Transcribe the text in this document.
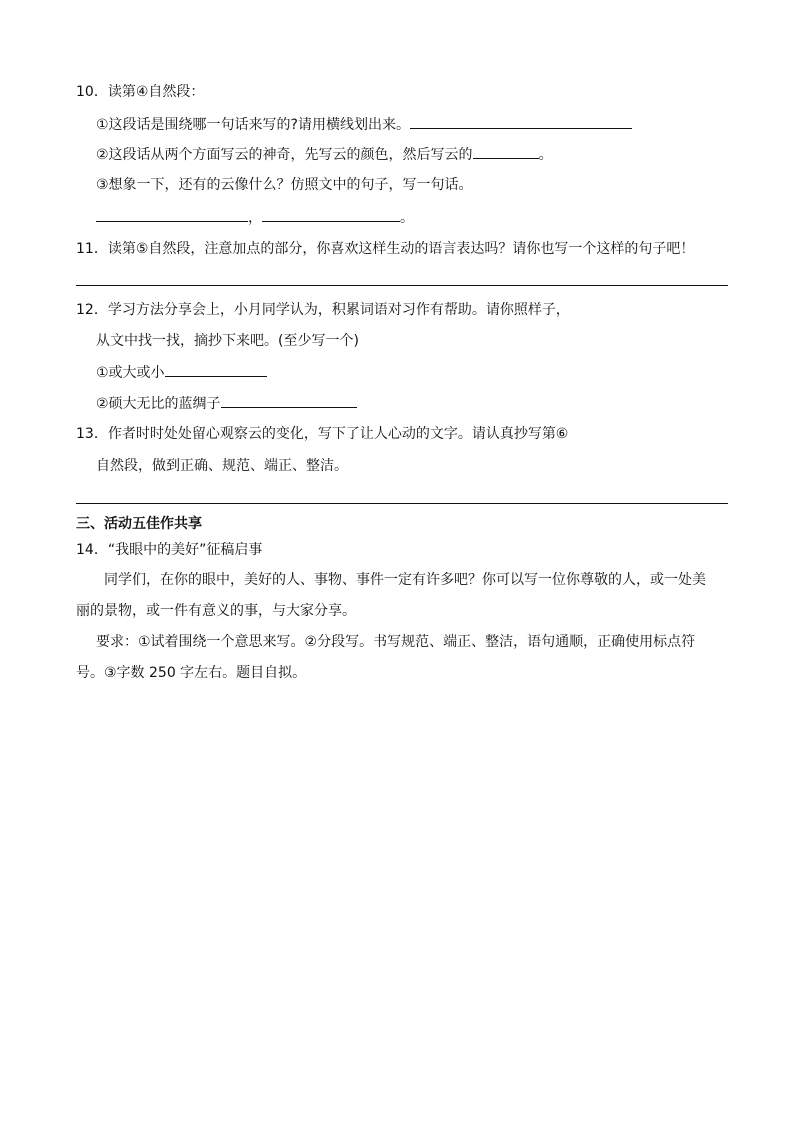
10．读第④自然段：
①这段话是围绕哪一句话来写的?请用横线划出来。
②这段话从两个方面写云的神奇，先写云的颜色，然后写云的	。
③想象一下，还有的云像什么？仿照文中的句子，写一句话。
，	。
11．读第⑤自然段，注意加点的部分，你喜欢这样生动的语言表达吗？请你也写一个这样的句子吧！
12．学习方法分享会上，小月同学认为，积累词语对习作有帮助。请你照样子，
从文中找一找，摘抄下来吧。(至少写一个)
①或大或小
②硕大无比的蓝绸子
13．作者时时处处留心观察云的变化，写下了让人心动的文字。请认真抄写第⑥
自然段，做到正确、规范、端正、整洁。
三、活动五佳作共享
14．“我眼中的美好”征稿启事
同学们，在你的眼中，美好的人、事物、事件一定有许多吧？你可以写一位你尊敬的人，或一处美
丽的景物，或一件有意义的事，与大家分享。
要求：①试着围绕一个意思来写。②分段写。书写规范、端正、整洁，语句通顺，正确使用标点符
号。③字数 250 字左右。题目自拟。
